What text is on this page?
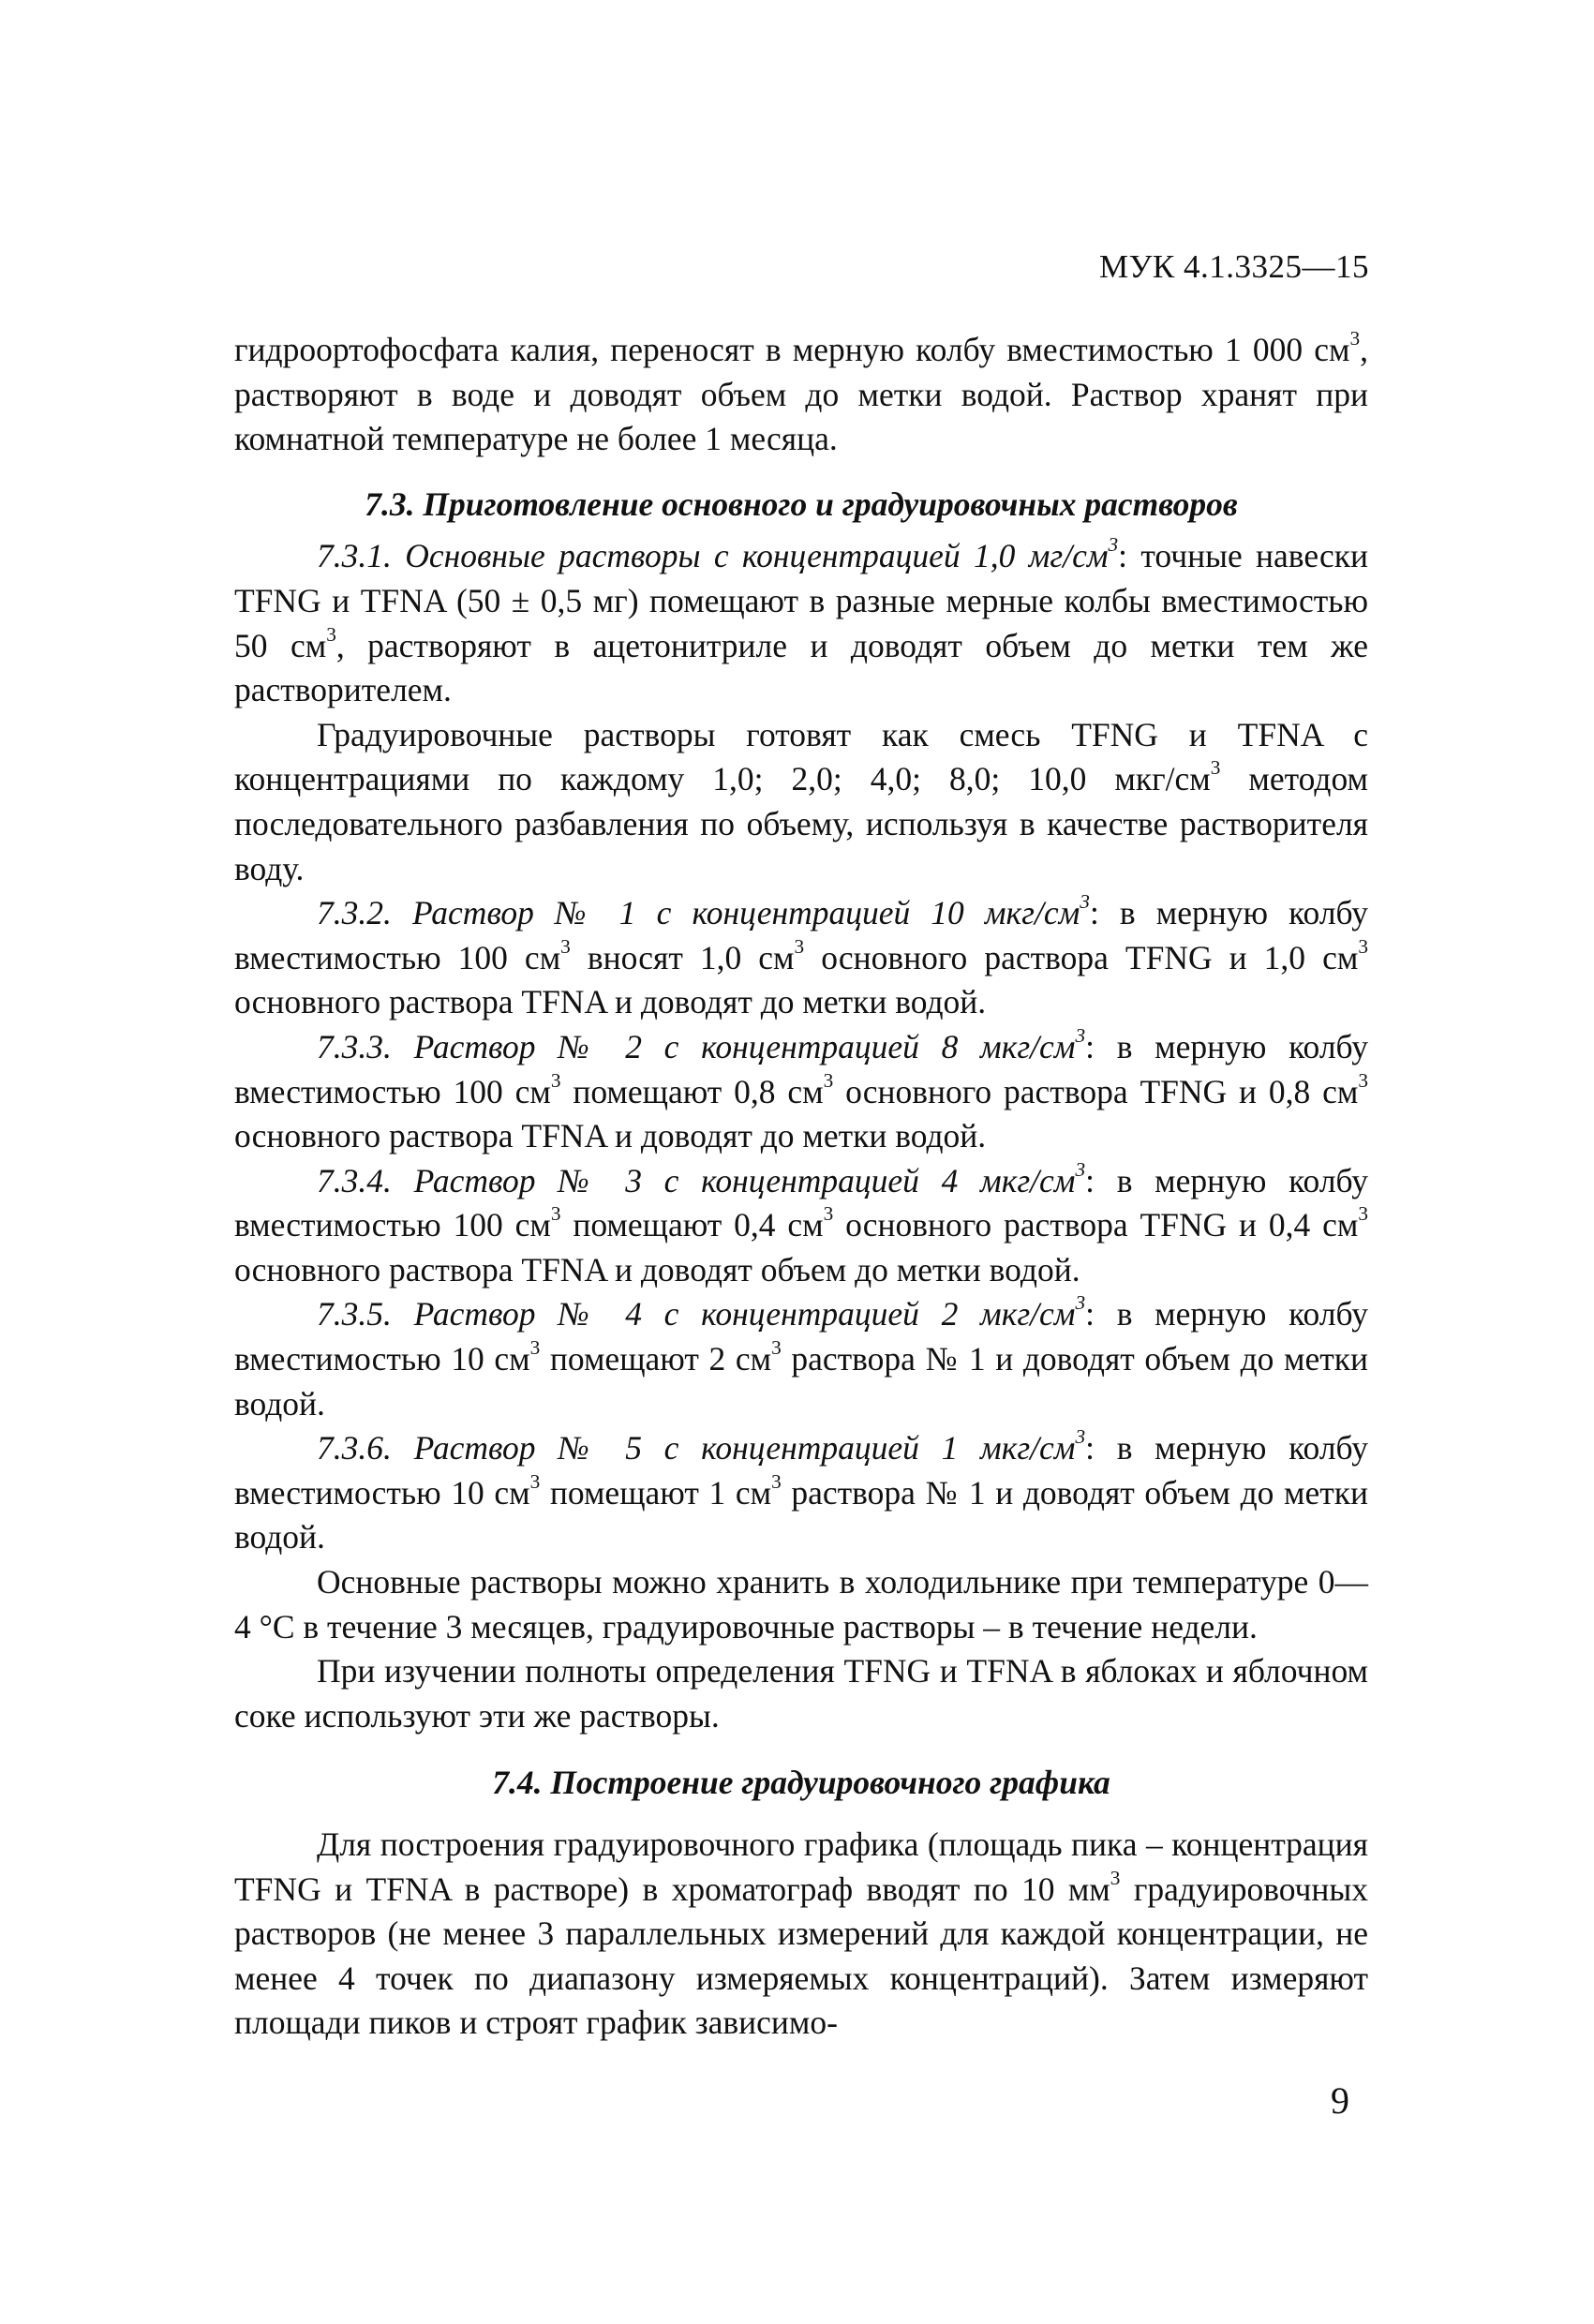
МУК 4.1.3325—15

гидроортофосфата калия, переносят в мерную колбу вместимостью 1 000 $см^3$, растворяют в воде и доводят объем до метки водой. Раствор хранят при комнатной температуре не более 1 месяца.

7.3. Приготовление основного и градуировочных растворов

7.3.1. Основные растворы с концентрацией 1,0 $мг/см^3$: точные навески TFNG и TFNA (50 ± 0,5 мг) помещают в разные мерные колбы вместимостью 50 $см^3$, растворяют в ацетонитриле и доводят объем до метки тем же растворителем.

Градуировочные растворы готовят как смесь TFNG и TFNA с концентрациями по каждому 1,0; 2,0; 4,0; 8,0; 10,0 мкг/$см^3$ методом последовательного разбавления по объему, используя в качестве растворителя воду.

7.3.2. Раствор № 1 с концентрацией 10 мкг/$см^3$: в мерную колбу вместимостью 100 $см^3$ вносят 1,0 $см^3$ основного раствора TFNG и 1,0 $см^3$ основного раствора TFNA и доводят до метки водой.

7.3.3. Раствор № 2 с концентрацией 8 мкг/$см^3$: в мерную колбу вместимостью 100 $см^3$ помещают 0,8 $см^3$ основного раствора TFNG и 0,8 $см^3$ основного раствора TFNA и доводят до метки водой.

7.3.4. Раствор № 3 с концентрацией 4 мкг/$см^3$: в мерную колбу вместимостью 100 $см^3$ помещают 0,4 $см^3$ основного раствора TFNG и 0,4 $см^3$ основного раствора TFNA и доводят объем до метки водой.

7.3.5. Раствор № 4 с концентрацией 2 мкг/$см^3$: в мерную колбу вместимостью 10 $см^3$ помещают 2 $см^3$ раствора № 1 и доводят объем до метки водой.

7.3.6. Раствор № 5 с концентрацией 1 мкг/$см^3$: в мерную колбу вместимостью 10 $см^3$ помещают 1 $см^3$ раствора № 1 и доводят объем до метки водой.

Основные растворы можно хранить в холодильнике при температуре 0—4 °С в течение 3 месяцев, градуировочные растворы – в течение недели.

При изучении полноты определения TFNG и TFNA в яблоках и яблочном соке используют эти же растворы.

7.4. Построение градуировочного графика

Для построения градуировочного графика (площадь пика – концентрация TFNG и TFNA в растворе) в хроматограф вводят по 10 $мм^3$ градуировочных растворов (не менее 3 параллельных измерений для каждой концентрации, не менее 4 точек по диапазону измеряемых концентраций). Затем измеряют площади пиков и строят график зависимо-

9
